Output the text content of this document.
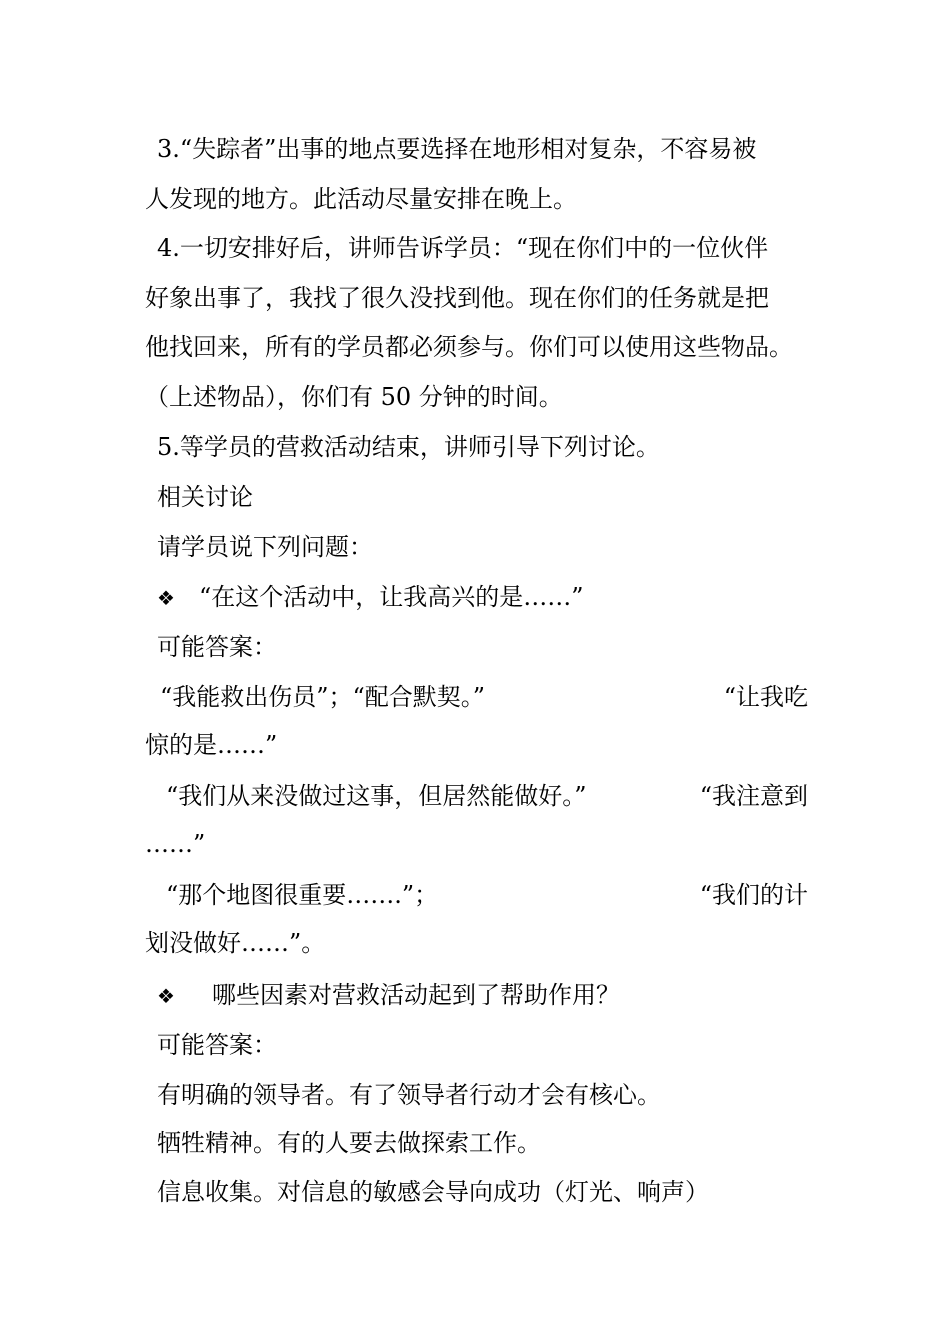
3.“失踪者”出事的地点要选择在地形相对复杂，不容易被
人发现的地方。此活动尽量安排在晚上。
4.一切安排好后，讲师告诉学员：“现在你们中的一位伙伴
好象出事了，我找了很久没找到他。现在你们的任务就是把
他找回来，所有的学员都必须参与。你们可以使用这些物品。
（上述物品），你们有 50 分钟的时间。
5.等学员的营救活动结束，讲师引导下列讨论。
相关讨论
请学员说下列问题：
❖ “在这个活动中，让我高兴的是……”
可能答案：
“我能救出伤员”；“配合默契。”	“让我吃
惊的是……”
“我们从来没做过这事，但居然能做好。”	“我注意到
……”
“那个地图很重要…….”；	“我们的计
划没做好……”。
❖ 哪些因素对营救活动起到了帮助作用？
可能答案：
有明确的领导者。有了领导者行动才会有核心。
牺牲精神。有的人要去做探索工作。
信息收集。对信息的敏感会导向成功（灯光、响声）
